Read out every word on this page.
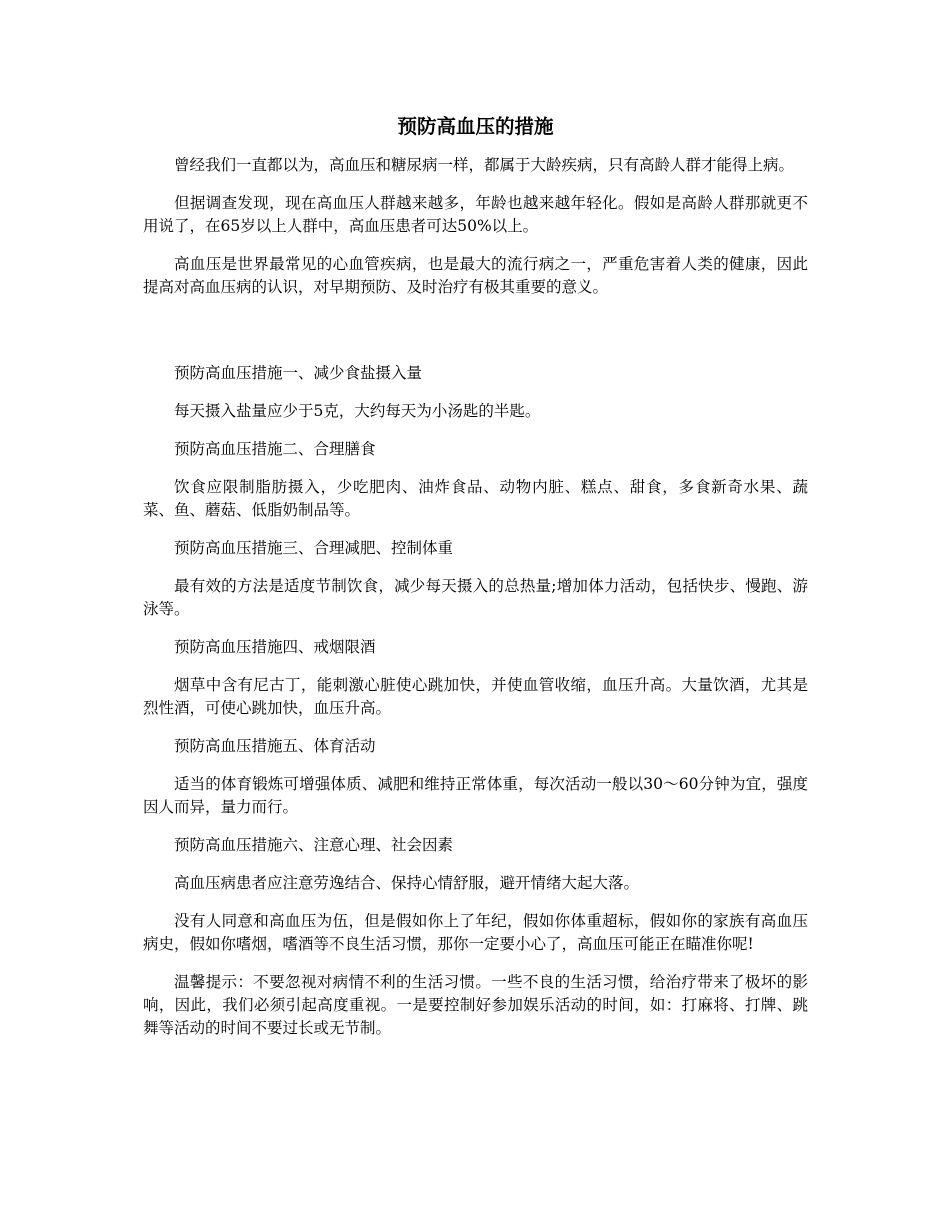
预防高血压的措施

曾经我们一直都以为，高血压和糖尿病一样，都属于大龄疾病，只有高龄人群才能得上病。

但据调查发现，现在高血压人群越来越多，年龄也越来越年轻化。假如是高龄人群那就更不用说了，在65岁以上人群中，高血压患者可达50%以上。

高血压是世界最常见的心血管疾病，也是最大的流行病之一，严重危害着人类的健康，因此提高对高血压病的认识，对早期预防、及时治疗有极其重要的意义。

预防高血压措施一、减少食盐摄入量

每天摄入盐量应少于5克，大约每天为小汤匙的半匙。

预防高血压措施二、合理膳食

饮食应限制脂肪摄入，少吃肥肉、油炸食品、动物内脏、糕点、甜食，多食新奇水果、蔬菜、鱼、蘑菇、低脂奶制品等。

预防高血压措施三、合理减肥、控制体重

最有效的方法是适度节制饮食，减少每天摄入的总热量;增加体力活动，包括快步、慢跑、游泳等。

预防高血压措施四、戒烟限酒

烟草中含有尼古丁，能刺激心脏使心跳加快，并使血管收缩，血压升高。大量饮酒，尤其是烈性酒，可使心跳加快，血压升高。

预防高血压措施五、体育活动

适当的体育锻炼可增强体质、减肥和维持正常体重，每次活动一般以30～60分钟为宜，强度因人而异，量力而行。

预防高血压措施六、注意心理、社会因素

高血压病患者应注意劳逸结合、保持心情舒服，避开情绪大起大落。

没有人同意和高血压为伍，但是假如你上了年纪，假如你体重超标，假如你的家族有高血压病史，假如你嗜烟，嗜酒等不良生活习惯，那你一定要小心了，高血压可能正在瞄准你呢!

温馨提示：不要忽视对病情不利的生活习惯。一些不良的生活习惯，给治疗带来了极坏的影响，因此，我们必须引起高度重视。一是要控制好参加娱乐活动的时间，如：打麻将、打牌、跳舞等活动的时间不要过长或无节制。
